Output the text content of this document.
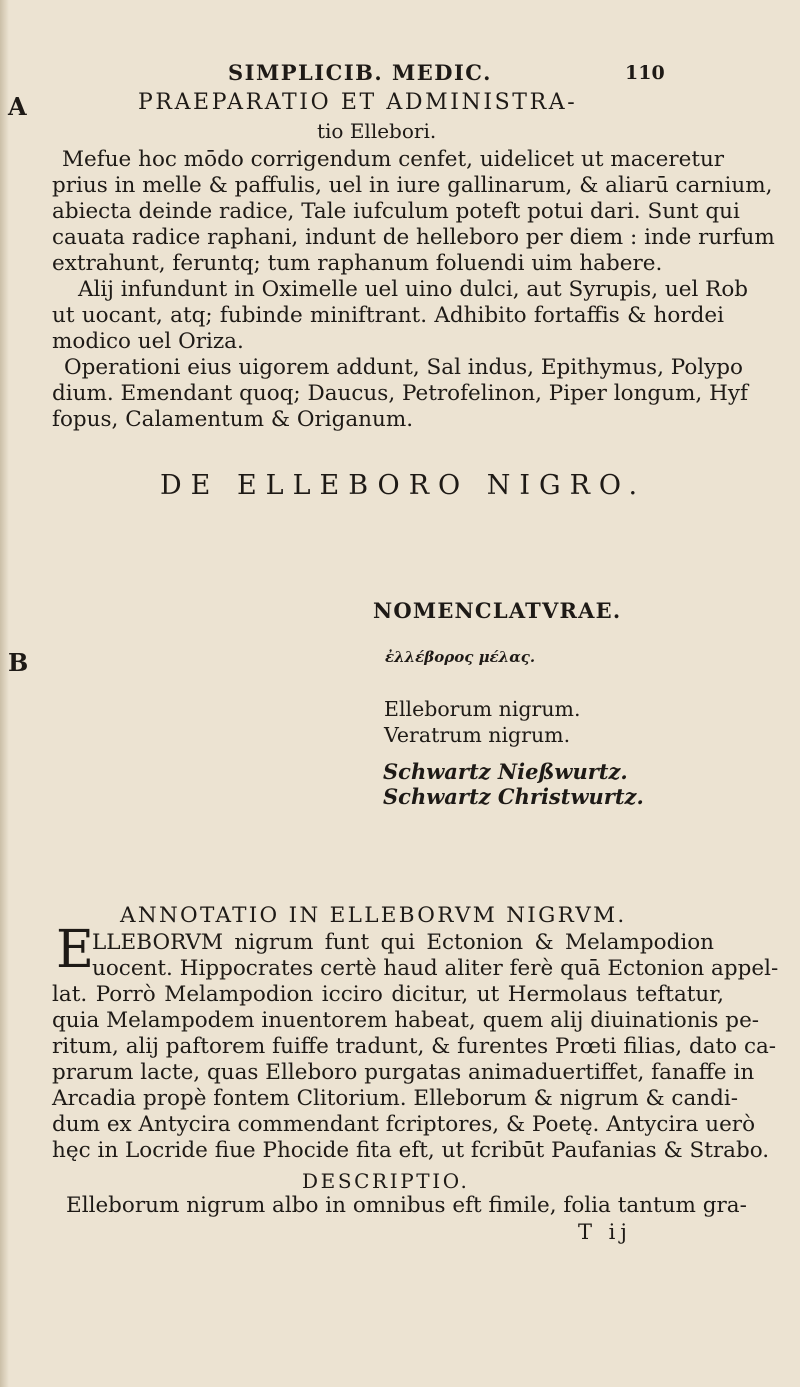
SIMPLICIB. MEDIC.	110
A
B
PRAEPARATIO ET ADMINISTRA-
tio Ellebori.
Mefue hoc mōdo corrigendum cenfet, uidelicet ut maceretur
prius in melle & paffulis, uel in iure gallinarum, & aliarū carnium,
abiecta deinde radice, Tale iufculum poteft potui dari. Sunt qui
cauata radice raphani, indunt de helleboro per diem : inde rurfum
extrahunt, feruntq; tum raphanum foluendi uim habere.
Alij infundunt in Oximelle uel uino dulci, aut Syrupis, uel Rob
ut uocant, atq; fubinde miniftrant. Adhibito fortaffis & hordei
modico uel Oriza.
Operationi eius uigorem addunt, Sal indus, Epithymus, Polypo
dium. Emendant quoq; Daucus, Petrofelinon, Piper longum, Hyf
fopus, Calamentum & Origanum.
DE ELLEBORO NIGRO.
NOMENCLATVRAE.
ἐλλέβορος μέλας.
Elleborum nigrum.
Veratrum nigrum.
Schwartz Nießwurtz.
Schwartz Christwurtz.
ANNOTATIO IN ELLEBORVM NIGRVM.
E
LLEBORVM nigrum funt qui Ectonion & Melampodion
uocent. Hippocrates certè haud aliter ferè quā Ectonion appel-
lat. Porrò Melampodion icciro dicitur, ut Hermolaus teftatur,
quia Melampodem inuentorem habeat, quem alij diuinationis pe-
ritum, alij paftorem fuiffe tradunt, & furentes Prœti filias, dato ca-
prarum lacte, quas Elleboro purgatas animaduertiffet, fanaffe in
Arcadia propè fontem Clitorium. Elleborum & nigrum & candi-
dum ex Antycira commendant fcriptores, & Poetę. Antycira uerò
hęc in Locride fiue Phocide fita eft, ut fcribūt Paufanias & Strabo.
DESCRIPTIO.
Elleborum nigrum albo in omnibus eft fimile, folia tantum gra-
T ij
